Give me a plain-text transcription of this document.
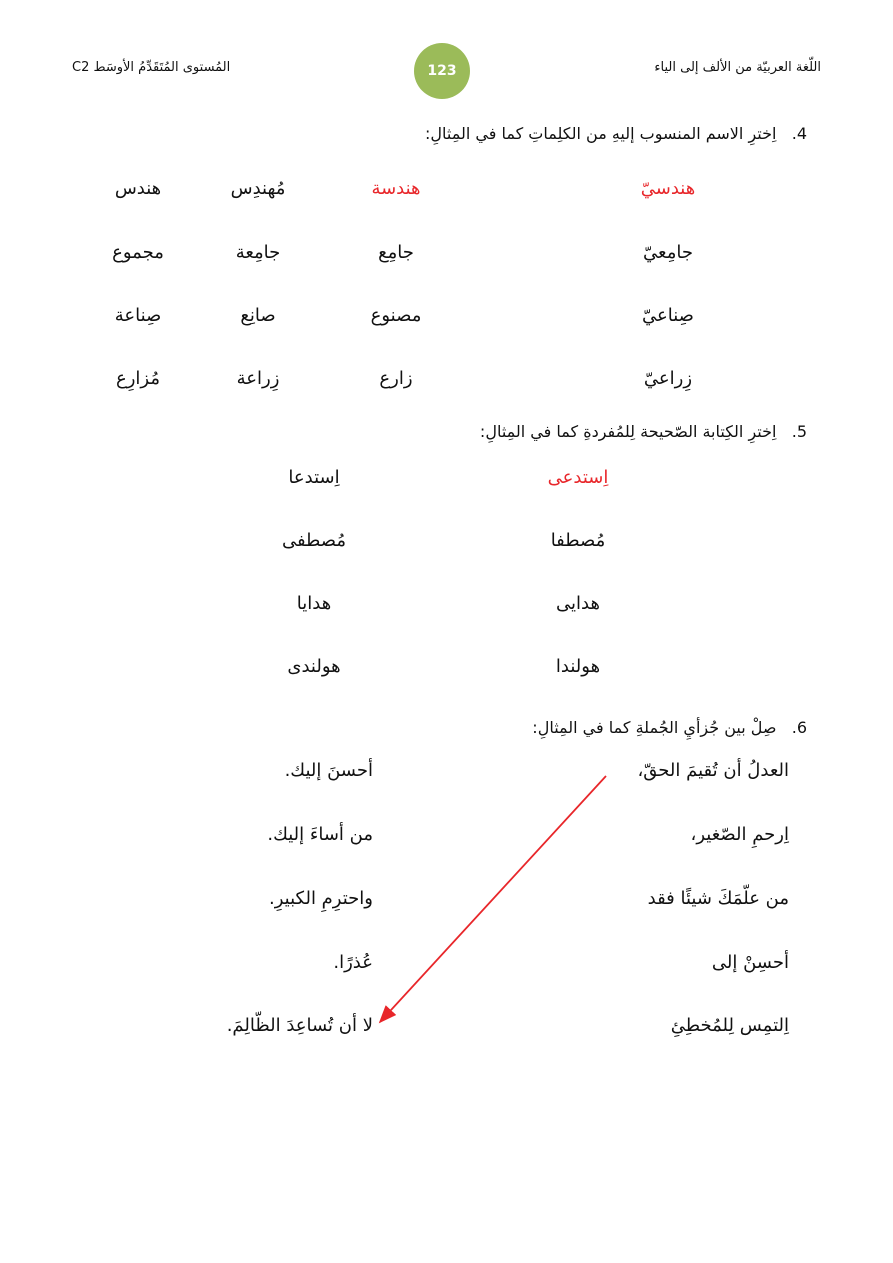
اللّغة العربيّة من الألف إلى الياء
المُستوى المُتَقَدِّمُ الأوسَط C2	123
4.   اِخترِ الاسم المنسوب إليهِ من الكلِماتِ كما في المِثالِ:
هندسيّ
هندسة
مُهندِس
هندس
جامِعيّ
جامِع
جامِعة
مجموع
صِناعيّ
مصنوع
صانِع
صِناعة
زِراعيّ
زارع
زِراعة
مُزارِع
5.   اِخترِ الكِتابة الصّحيحة لِلمُفردةِ كما في المِثالِ:
اِستدعى
اِستدعا
مُصطفا
مُصطفى
هدايى
هدايا
هولندا
هولندى
6.   صِلْ بين جُزأيِ الجُملةِ كما في المِثالِ:
العدلُ أن تُقيمَ الحقّ،
اِرحمِ الصّغير،
من علّمَكَ شيئًا فقد
أحسِنْ إلى
اِلتمِس لِلمُخطِئِ
أحسنَ إليك.
من أساءَ إليك.
واحترِمِ الكبيرِ.
عُذرًا.
لا أن تُساعِدَ الظّالِمَ.
